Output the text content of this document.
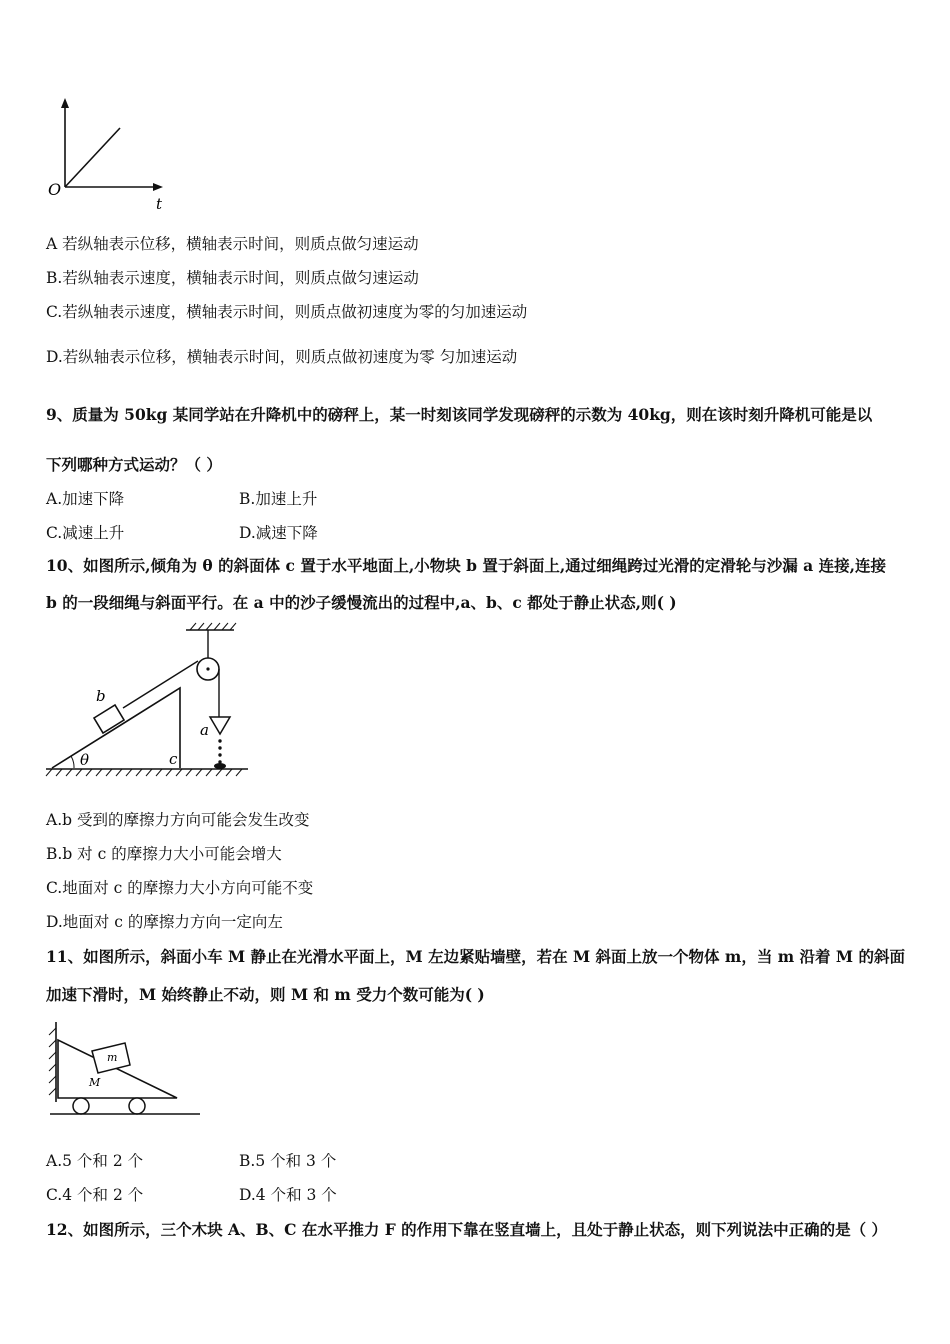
O
t
A 若纵轴表示位移，横轴表示时间，则质点做匀速运动
B.若纵轴表示速度，横轴表示时间，则质点做匀速运动
C.若纵轴表示速度，横轴表示时间，则质点做初速度为零的匀加速运动
D.若纵轴表示位移，横轴表示时间，则质点做初速度为零 匀加速运动
9、质量为 50kg 某同学站在升降机中的磅秤上，某一时刻该同学发现磅秤的示数为 40kg，则在该时刻升降机可能是以
下列哪种方式运动？（ ）
A.加速下降	B.加速上升
C.减速上升	D.减速下降
10、如图所示,倾角为 θ 的斜面体 c 置于水平地面上,小物块 b 置于斜面上,通过细绳跨过光滑的定滑轮与沙漏 a 连接,连接
b 的一段细绳与斜面平行。在 a 中的沙子缓慢流出的过程中,a、b、c 都处于静止状态,则( )
b
θ	c
a
A.b 受到的摩擦力方向可能会发生改变
B.b 对 c 的摩擦力大小可能会增大
C.地面对 c 的摩擦力大小方向可能不变
D.地面对 c 的摩擦力方向一定向左
11、如图所示，斜面小车 M 静止在光滑水平面上，M 左边紧贴墙壁，若在 M 斜面上放一个物体 m，当 m 沿着 M 的斜面
加速下滑时，M 始终静止不动，则 M 和 m 受力个数可能为( )
m
M
A.5 个和 2 个	B.5 个和 3 个
C.4 个和 2 个	D.4 个和 3 个
12、如图所示，三个木块 A、B、C 在水平推力 F 的作用下靠在竖直墙上，且处于静止状态，则下列说法中正确的是（ ）
